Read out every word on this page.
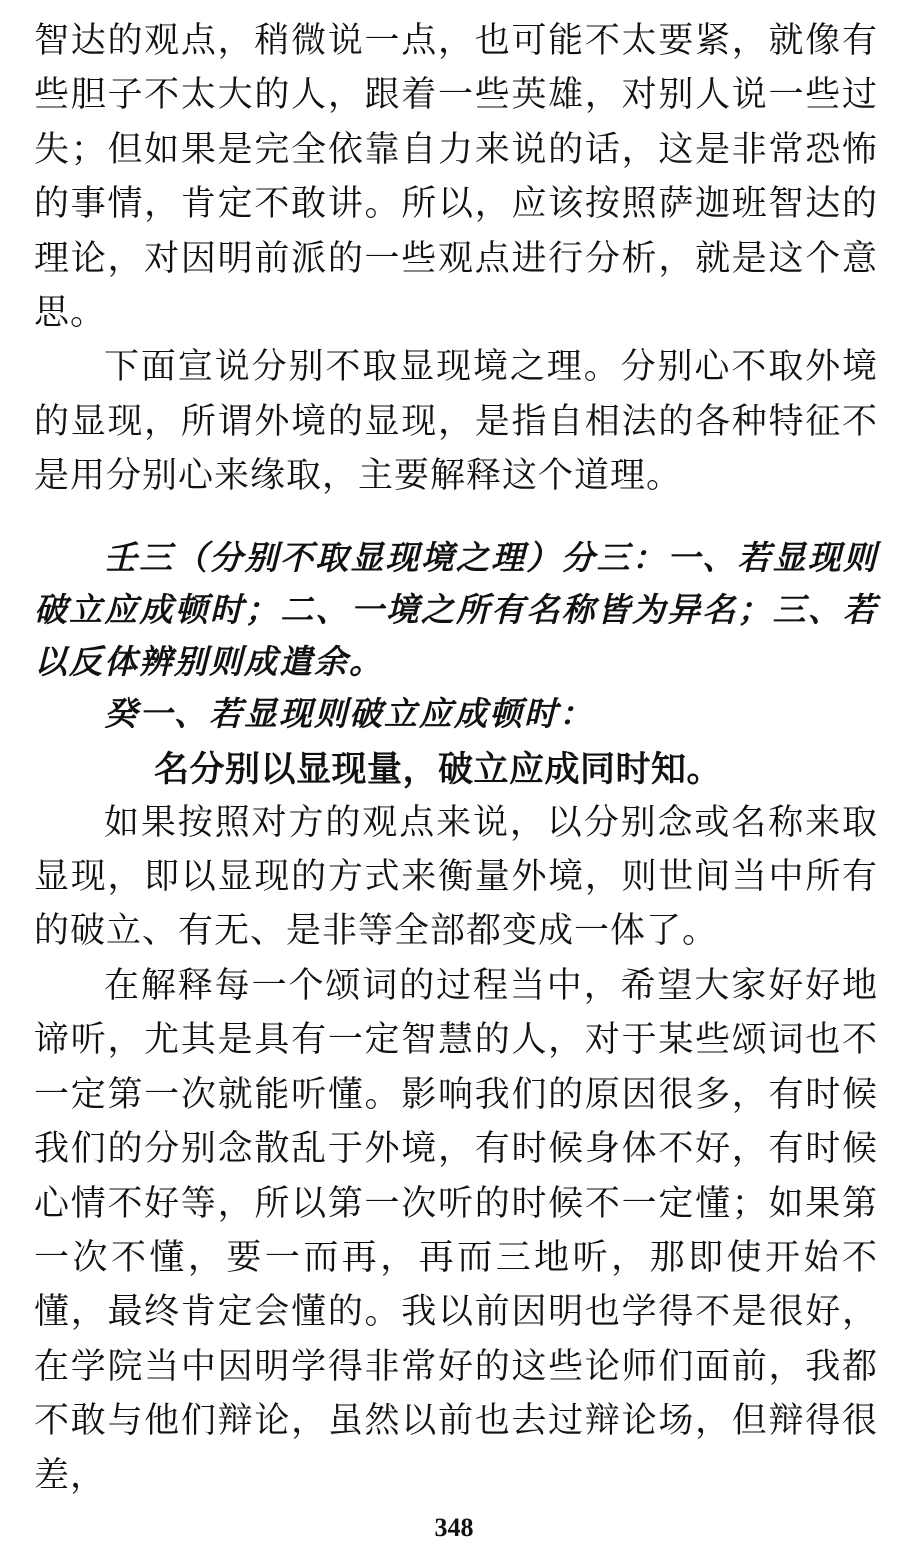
智达的观点，稍微说一点，也可能不太要紧，就像有些胆子不太大的人，跟着一些英雄，对别人说一些过失；但如果是完全依靠自力来说的话，这是非常恐怖的事情，肯定不敢讲。所以，应该按照萨迦班智达的理论，对因明前派的一些观点进行分析，就是这个意思。

下面宣说分别不取显现境之理。分别心不取外境的显现，所谓外境的显现，是指自相法的各种特征不是用分别心来缘取，主要解释这个道理。

壬三（分别不取显现境之理）分三：一、若显现则破立应成顿时；二、一境之所有名称皆为异名；三、若以反体辨别则成遣余。

癸一、若显现则破立应成顿时：

名分别以显现量，破立应成同时知。

如果按照对方的观点来说，以分别念或名称来取显现，即以显现的方式来衡量外境，则世间当中所有的破立、有无、是非等全部都变成一体了。

在解释每一个颂词的过程当中，希望大家好好地谛听，尤其是具有一定智慧的人，对于某些颂词也不一定第一次就能听懂。影响我们的原因很多，有时候我们的分别念散乱于外境，有时候身体不好，有时候心情不好等，所以第一次听的时候不一定懂；如果第一次不懂，要一而再，再而三地听，那即使开始不懂，最终肯定会懂的。我以前因明也学得不是很好，在学院当中因明学得非常好的这些论师们面前，我都不敢与他们辩论，虽然以前也去过辩论场，但辩得很差，

348
